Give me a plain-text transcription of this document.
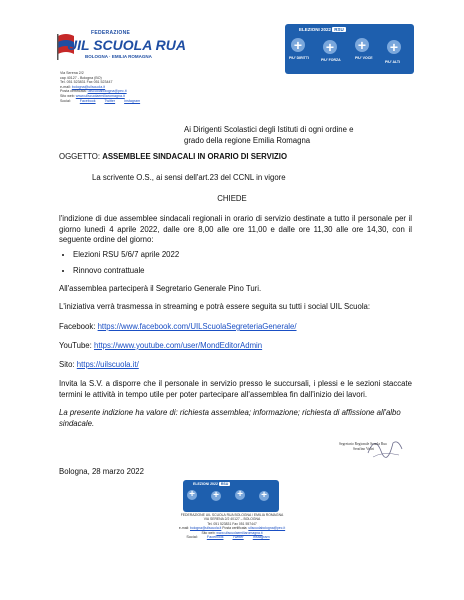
FEDERAZIONE
UIL SCUOLA RUA
BOLOGNA · EMILIA ROMAGNA
ELEZIONI 2022 RSU
+ + + +
PIU' DIRITTI	PIU' FORZA	PIU' VOCE
PIU' ALTI
Via Serena 2/2
cap 40127 - Bologna (BO)
Tel. 051 523831 Fax 051 523447
e-mail: bologna@uilscuola.it
Posta certificata: uilscuolabologna@pec.it
Sito web: www.uilscuolaemiliaromagna.it
Social:	Facebook Twitter	Instagram
Ai Dirigenti Scolastici degli Istituti di ogni ordine e
grado della regione Emilia Romagna
OGGETTO: ASSEMBLEE SINDACALI IN ORARIO DI SERVIZIO
La scrivente O.S., ai sensi dell'art.23 del CCNL in vigore
CHIEDE
l'indizione di due assemblee sindacali regionali in orario di servizio destinate a tutto il personale per il giorno lunedì 4 aprile 2022, dalle ore 8,00 alle ore 11,00 e dalle ore 11,30 alle ore 14,30, con il seguente ordine del giorno:
• Elezioni RSU 5/6/7 aprile 2022
• Rinnovo contrattuale
All'assemblea parteciperà il Segretario Generale Pino Turi.
L'iniziativa verrà trasmessa in streaming e potrà essere seguita su tutti i social UIL Scuola:
Facebook: https://www.facebook.com/UILScuolaSegreteriaGenerale/
YouTube: https://www.youtube.com/user/MondEditorAdmin
Sito: https://uilscuola.it/
Invita la S.V. a disporre che il personale in servizio presso le succursali, i plessi e le sezioni staccate termini le attività in tempo utile per poter partecipare all'assemblea fin dall'inizio dei lavori.
La presente indizione ha valore di: richiesta assemblea; informazione; richiesta di affissione all'albo sindacale.
Segretario Regionale Scuola Rua
Serafino Veltri
Bologna, 28 marzo 2022
ELEZIONI 2022 RSU
+ + + +
FEDERAZIONE UIL SCUOLA RUA BOLOGNA / EMILIA ROMAGNA
VIA SERENA 2/2 40127 – BOLOGNA
Tel. 051 523831 Fax 051 557447
e-mail: bologna@uilscuola.it Posta certificata: uilscuolabologna@pec.it
Sito web: www.uilscuolaemiliaromagna.it
Social: Facebook Twitter Instagram
